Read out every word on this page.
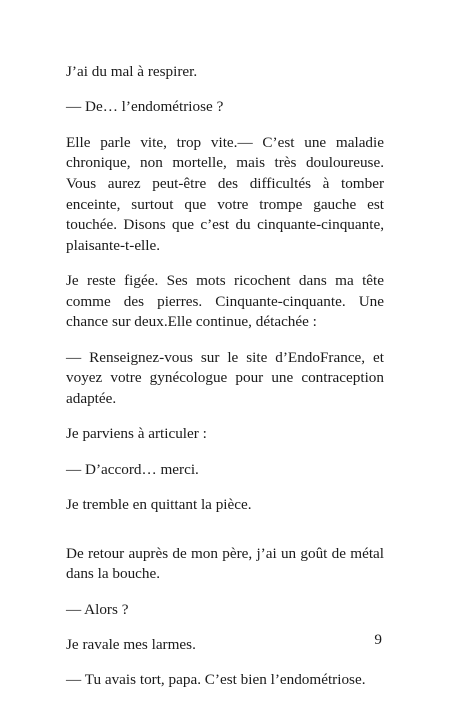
J’ai du mal à respirer.

— De… l’endométriose ?

Elle parle vite, trop vite.— C’est une maladie chronique, non mortelle, mais très douloureuse. Vous aurez peut-être des difficultés à tomber enceinte, surtout que votre trompe gauche est touchée. Disons que c’est du cinquante-cinquante, plaisante-t-elle.

Je reste figée. Ses mots ricochent dans ma tête comme des pierres. Cinquante-cinquante. Une chance sur deux.Elle continue, détachée :

— Renseignez-vous sur le site d’EndoFrance, et voyez votre gynécologue pour une contraception adaptée.

Je parviens à articuler :

— D’accord… merci.

Je tremble en quittant la pièce.

De retour auprès de mon père, j’ai un goût de métal dans la bouche.

— Alors ?

Je ravale mes larmes.

— Tu avais tort, papa. C’est bien l’endométriose.

9
